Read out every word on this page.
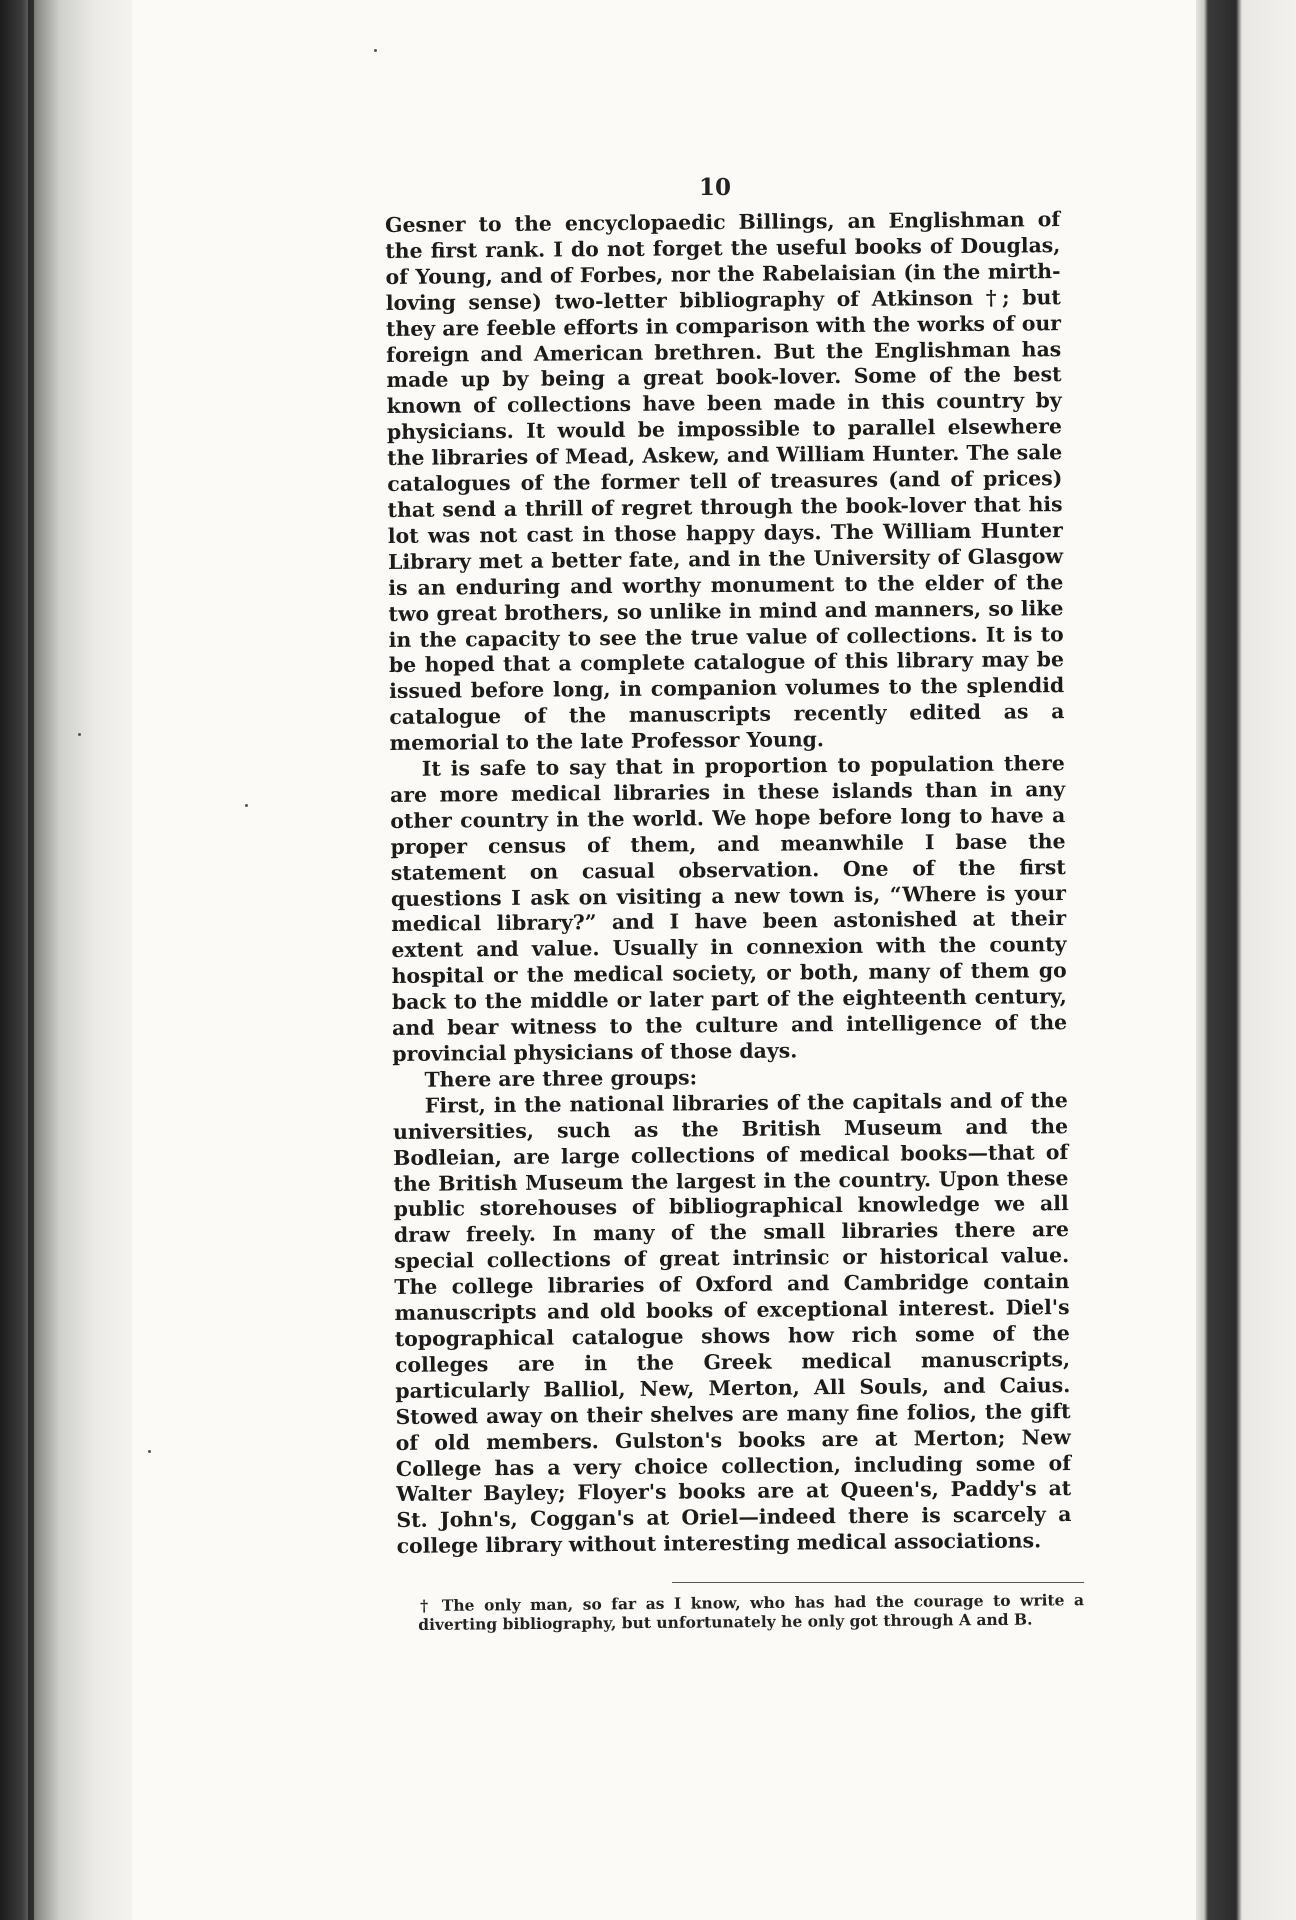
10

Gesner to the encyclopaedic Billings, an Englishman of the first rank. I do not forget the useful books of Douglas, of Young, and of Forbes, nor the Rabelaisian (in the mirth-loving sense) two-letter bibliography of Atkinson †; but they are feeble efforts in comparison with the works of our foreign and American brethren. But the Englishman has made up by being a great book-lover. Some of the best known of collections have been made in this country by physicians. It would be impossible to parallel elsewhere the libraries of Mead, Askew, and William Hunter. The sale catalogues of the former tell of treasures (and of prices) that send a thrill of regret through the book-lover that his lot was not cast in those happy days. The William Hunter Library met a better fate, and in the University of Glasgow is an enduring and worthy monument to the elder of the two great brothers, so unlike in mind and manners, so like in the capacity to see the true value of collections. It is to be hoped that a complete catalogue of this library may be issued before long, in companion volumes to the splendid catalogue of the manuscripts recently edited as a memorial to the late Professor Young.

It is safe to say that in proportion to population there are more medical libraries in these islands than in any other country in the world. We hope before long to have a proper census of them, and meanwhile I base the statement on casual observation. One of the first questions I ask on visiting a new town is, “Where is your medical library?” and I have been astonished at their extent and value. Usually in connexion with the county hospital or the medical society, or both, many of them go back to the middle or later part of the eighteenth century, and bear witness to the culture and intelligence of the provincial physicians of those days.

There are three groups:

First, in the national libraries of the capitals and of the universities, such as the British Museum and the Bodleian, are large collections of medical books—that of the British Museum the largest in the country. Upon these public storehouses of bibliographical knowledge we all draw freely. In many of the small libraries there are special collections of great intrinsic or historical value. The college libraries of Oxford and Cambridge contain manuscripts and old books of exceptional interest. Diel's topographical catalogue shows how rich some of the colleges are in the Greek medical manuscripts, particularly Balliol, New, Merton, All Souls, and Caius. Stowed away on their shelves are many fine folios, the gift of old members. Gulston's books are at Merton; New College has a very choice collection, including some of Walter Bayley; Floyer's books are at Queen's, Paddy's at St. John's, Coggan's at Oriel—indeed there is scarcely a college library without interesting medical associations.

† The only man, so far as I know, who has had the courage to write a diverting bibliography, but unfortunately he only got through A and B.
